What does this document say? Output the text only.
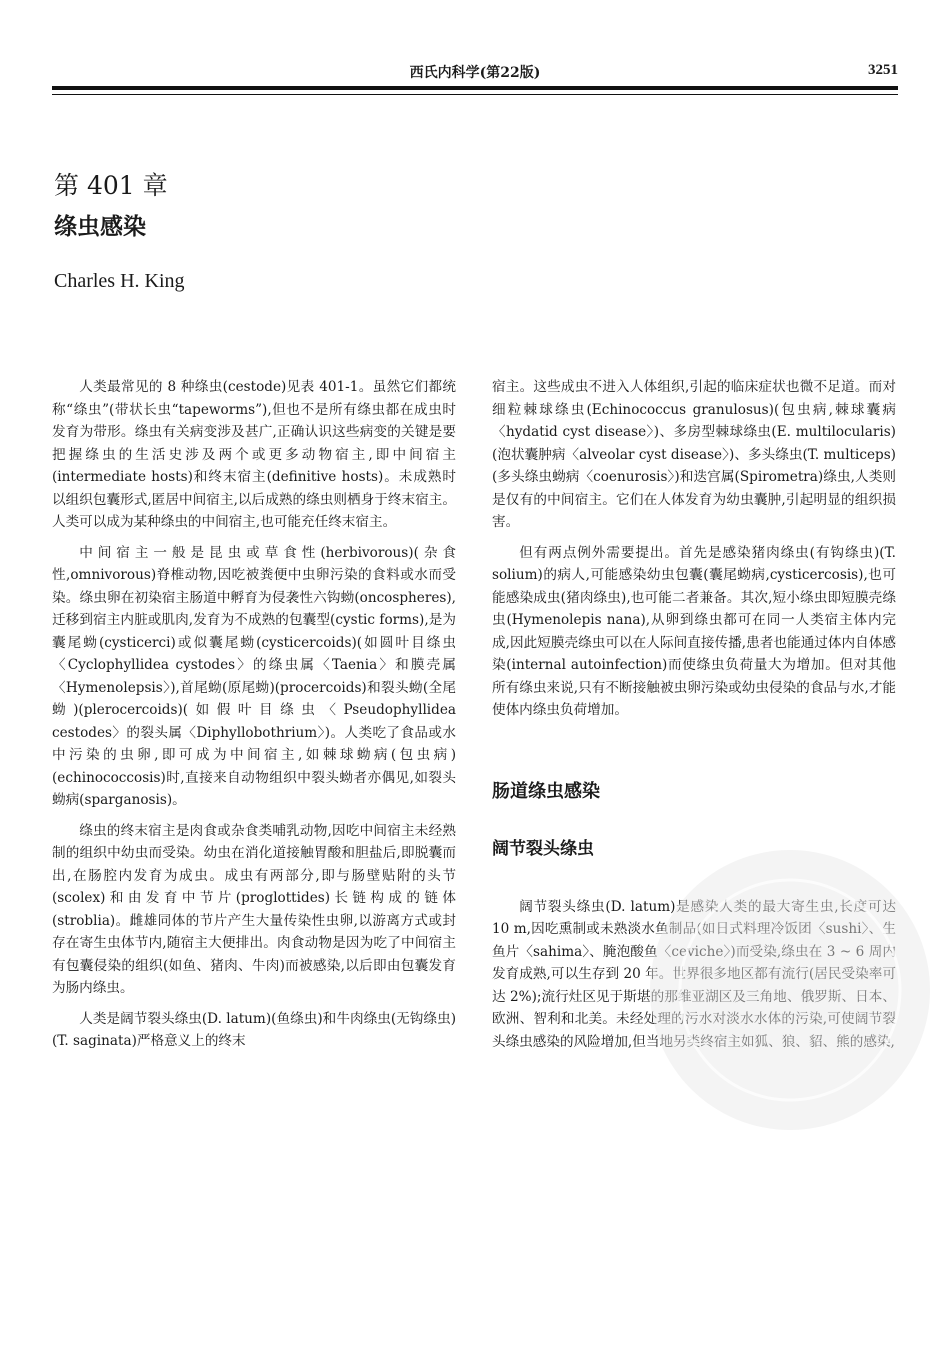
西氏内科学(第22版)	3251
第 401 章
绦虫感染
Charles H. King

人类最常见的 8 种绦虫(cestode)见表 401-1。虽然它们都统称“绦虫”(带状长虫“tapeworms”),但也不是所有绦虫都在成虫时发育为带形。绦虫有关病变涉及甚广,正确认识这些病变的关键是要把握绦虫的生活史涉及两个或更多动物宿主,即中间宿主(intermediate hosts)和终末宿主(definitive hosts)。未成熟时以组织包囊形式,匿居中间宿主,以后成熟的绦虫则栖身于终末宿主。人类可以成为某种绦虫的中间宿主,也可能充任终末宿主。

中间宿主一般是昆虫或草食性(herbivorous)(杂食性,omnivorous)脊椎动物,因吃被粪便中虫卵污染的食料或水而受染。绦虫卵在初染宿主肠道中孵育为侵袭性六钩蚴(oncospheres),迁移到宿主内脏或肌肉,发育为不成熟的包囊型(cystic forms),是为囊尾蚴(cysticerci)或似囊尾蚴(cysticercoids)(如圆叶目绦虫〈Cyclophyllidea cystodes〉的绦虫属〈Taenia〉和膜壳属〈Hymenolepsis〉),首尾蚴(原尾蚴)(procercoids)和裂头蚴(全尾蚴)(plerocercoids)(如假叶目绦虫〈Pseudophyllidea cestodes〉的裂头属〈Diphyllobothrium〉)。人类吃了食品或水中污染的虫卵,即可成为中间宿主,如棘球蚴病(包虫病)(echinococcosis)时,直接来自动物组织中裂头蚴者亦偶见,如裂头蚴病(sparganosis)。

绦虫的终末宿主是肉食或杂食类哺乳动物,因吃中间宿主未经熟制的组织中幼虫而受染。幼虫在消化道接触胃酸和胆盐后,即脱囊而出,在肠腔内发育为成虫。成虫有两部分,即与肠壁贴附的头节(scolex)和由发育中节片(proglottides)长链构成的链体(stroblia)。雌雄同体的节片产生大量传染性虫卵,以游离方式或封存在寄生虫体节内,随宿主大便排出。肉食动物是因为吃了中间宿主有包囊侵染的组织(如鱼、猪肉、牛肉)而被感染,以后即由包囊发育为肠内绦虫。

人类是阔节裂头绦虫(D. latum)(鱼绦虫)和牛肉绦虫(无钩绦虫)(T. saginata)严格意义上的终末

宿主。这些成虫不进入人体组织,引起的临床症状也微不足道。而对细粒棘球绦虫(Echinococcus granulosus)(包虫病,棘球囊病〈hydatid cyst disease〉)、多房型棘球绦虫(E. multilocularis)(泡状囊肿病〈alveolar cyst disease〉)、多头绦虫(T. multiceps)(多头绦虫蚴病〈coenurosis〉)和迭宫属(Spirometra)绦虫,人类则是仅有的中间宿主。它们在人体发育为幼虫囊肿,引起明显的组织损害。

但有两点例外需要提出。首先是感染猪肉绦虫(有钩绦虫)(T. solium)的病人,可能感染幼虫包囊(囊尾蚴病,cysticercosis),也可能感染成虫(猪肉绦虫),也可能二者兼备。其次,短小绦虫即短膜壳绦虫(Hymenolepis nana),从卵到绦虫都可在同一人类宿主体内完成,因此短膜壳绦虫可以在人际间直接传播,患者也能通过体内自体感染(internal autoinfection)而使绦虫负荷量大为增加。但对其他所有绦虫来说,只有不断接触被虫卵污染或幼虫侵染的食品与水,才能使体内绦虫负荷增加。

肠道绦虫感染
阔节裂头绦虫

阔节裂头绦虫(D. latum)是感染人类的最大寄生虫,长度可达 10 m,因吃熏制或未熟淡水鱼制品(如日式料理冷饭团〈sushi〉、生鱼片〈sahima〉、腌泡酸鱼〈ceviche〉)而受染,绦虫在 3 ~ 6 周内发育成熟,可以生存到 20 年。世界很多地区都有流行(居民受染率可达 2%);流行灶区见于斯堪的那维亚湖区及三角地、俄罗斯、日本、欧洲、智利和北美。未经处理的污水对淡水水体的污染,可使阔节裂头绦虫感染的风险增加,但当地另类终宿主如狐、狼、貂、熊的感染,
